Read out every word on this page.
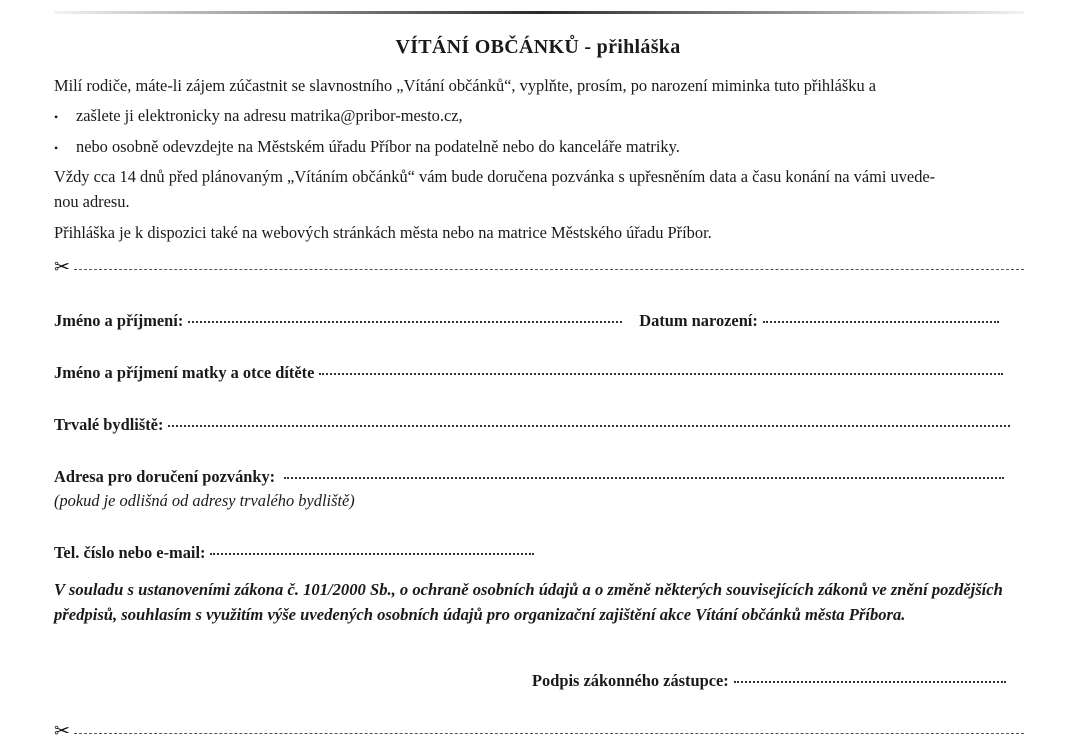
VÍTÁNÍ OBČÁNKŮ - přihláška
Milí rodiče, máte-li zájem zúčastnit se slavnostního „Vítání občánků“, vyplňte, prosím, po narození miminka tuto přihlášku a
• zašlete ji elektronicky na adresu matrika@pribor-mesto.cz,
• nebo osobně odevzdejte na Městském úřadu Příbor na podatelně nebo do kanceláře matriky.
Vždy cca 14 dnů před plánovaným „Vítáním občánků“ vám bude doručena pozvánka s upřesněním data a času konání na vámi uvede-
nou adresu.
Přihláška je k dispozici také na webových stránkách města nebo na matrice Městského úřadu Příbor.
✂
Jméno a příjmení:	Datum narození:
Jméno a příjmení matky a otce dítěte
Trvalé bydliště:
Adresa pro doručení pozvánky:
(pokud je odlišná od adresy trvalého bydliště)
Tel. číslo nebo e-mail:
V souladu s ustanoveními zákona č. 101/2000 Sb., o ochraně osobních údajů a o změně některých souvisejících zákonů ve znění pozdějších předpisů, souhlasím s využitím výše uvedených osobních údajů pro organizační zajištění akce Vítání občánků města Příbora.
Podpis zákonného zástupce:
✂
